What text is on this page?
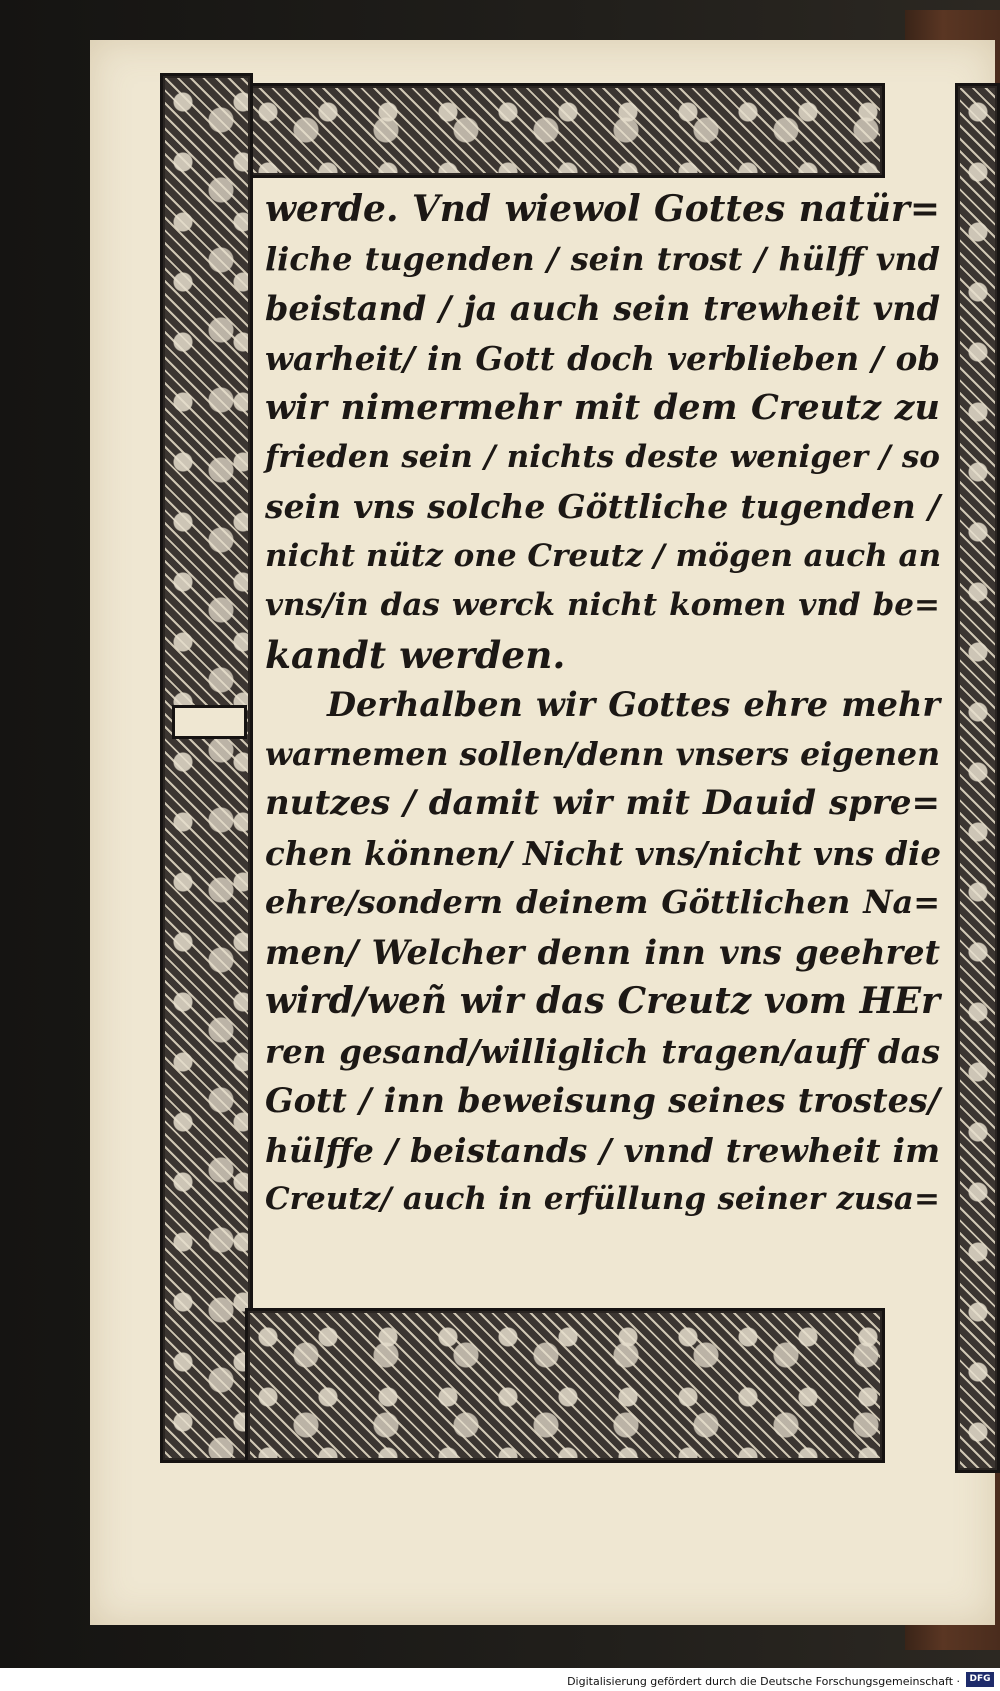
werde. Vnd wiewol Gottes natür=
liche tugenden / sein trost / hülff vnd
beistand / ja auch sein trewheit vnd
warheit/ in Gott doch verblieben / ob
wir nimermehr mit dem Creutz zu
frieden sein / nichts deste weniger / so
sein vns solche Göttliche tugenden /
nicht nütz one Creutz / mögen auch an
vns/in das werck nicht komen vnd be=
kandt werden.
Derhalben wir Gottes ehre mehr
warnemen sollen/denn vnsers eigenen
nutzes / damit wir mit Dauid spre=
chen können/ Nicht vns/nicht vns die
ehre/sondern deinem Göttlichen Na=
men/ Welcher denn inn vns geehret
wird/weñ wir das Creutz vom HEr
ren gesand/williglich tragen/auff das
Gott / inn beweisung seines trostes/
hülffe / beistands / vnnd trewheit im
Creutz/ auch in erfüllung seiner zusa=
Digitalisierung gefördert durch die Deutsche Forschungsgemeinschaft ·	DFG
